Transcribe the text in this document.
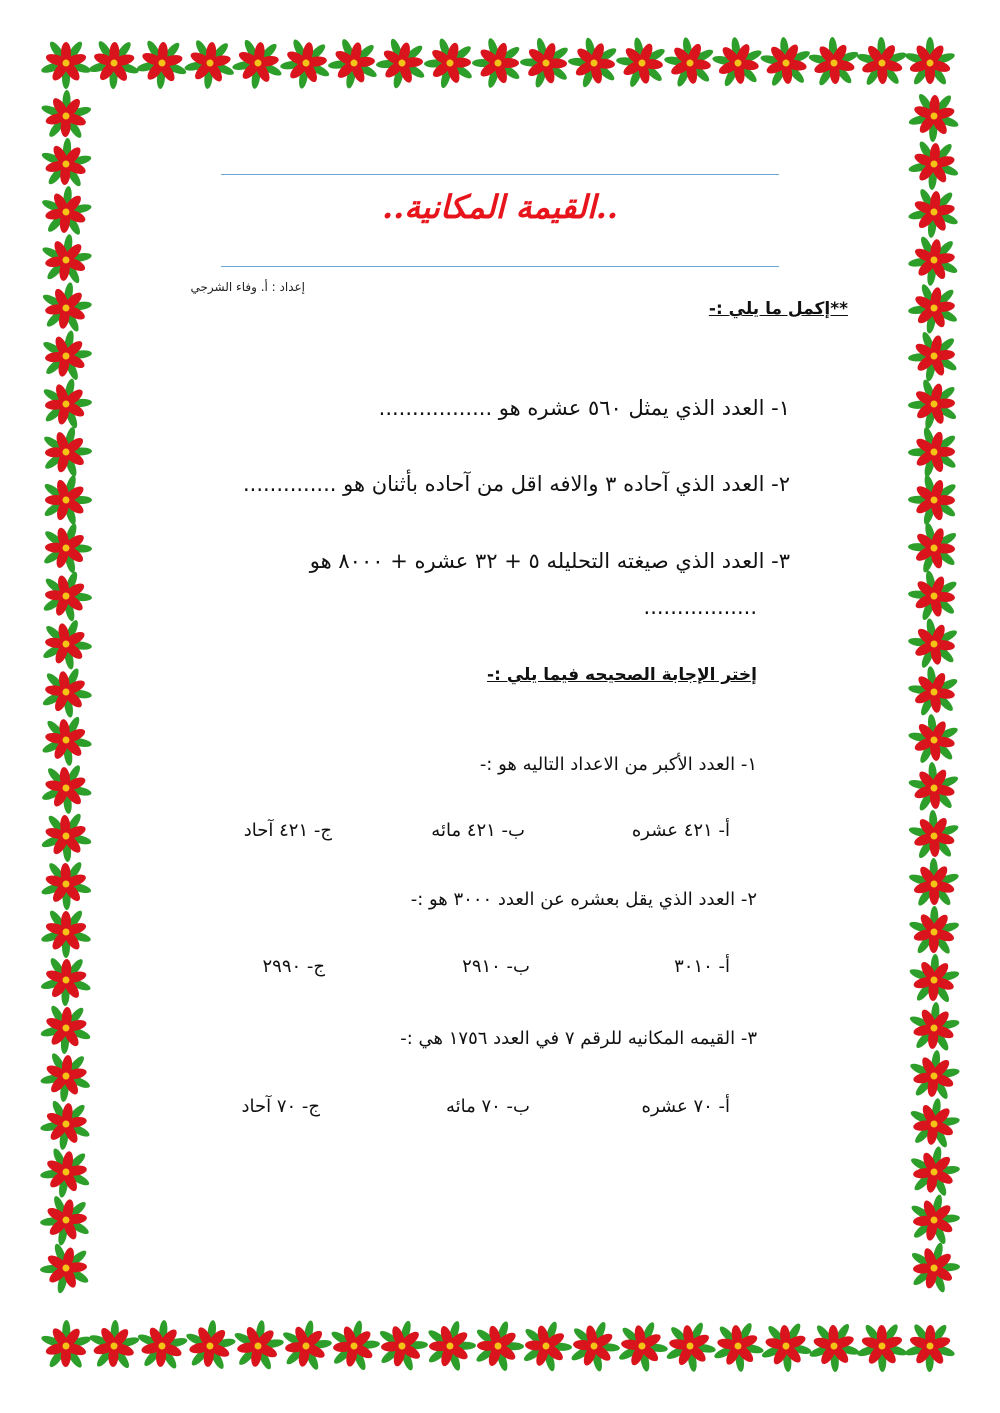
..القيمة المكانية..
إعداد : أ. وفاء الشرجي
**إكمل ما يلي :-
١- العدد الذي يمثل ٥٦٠ عشره هو .................
٢- العدد الذي آحاده ٣ والافه اقل من آحاده بأثنان هو ..............
٣- العدد الذي صيغته التحليله ٥ + ٣٢ عشره + ٨٠٠٠ هو
.................
إختر الإجابة الصحيحه فيما يلي :-
١- العدد الأكبر من الاعداد التاليه هو :-
أ- ٤٢١ عشره
ب- ٤٢١ مائه
ج- ٤٢١ آحاد
٢- العدد الذي يقل بعشره عن العدد ٣٠٠٠ هو :-
أ- ٣٠١٠
ب- ٢٩١٠
ج- ٢٩٩٠
٣- القيمه المكانيه للرقم ٧ في العدد ١٧٥٦ هي :-
أ- ٧٠ عشره
ب- ٧٠ مائه
ج- ٧٠ آحاد
